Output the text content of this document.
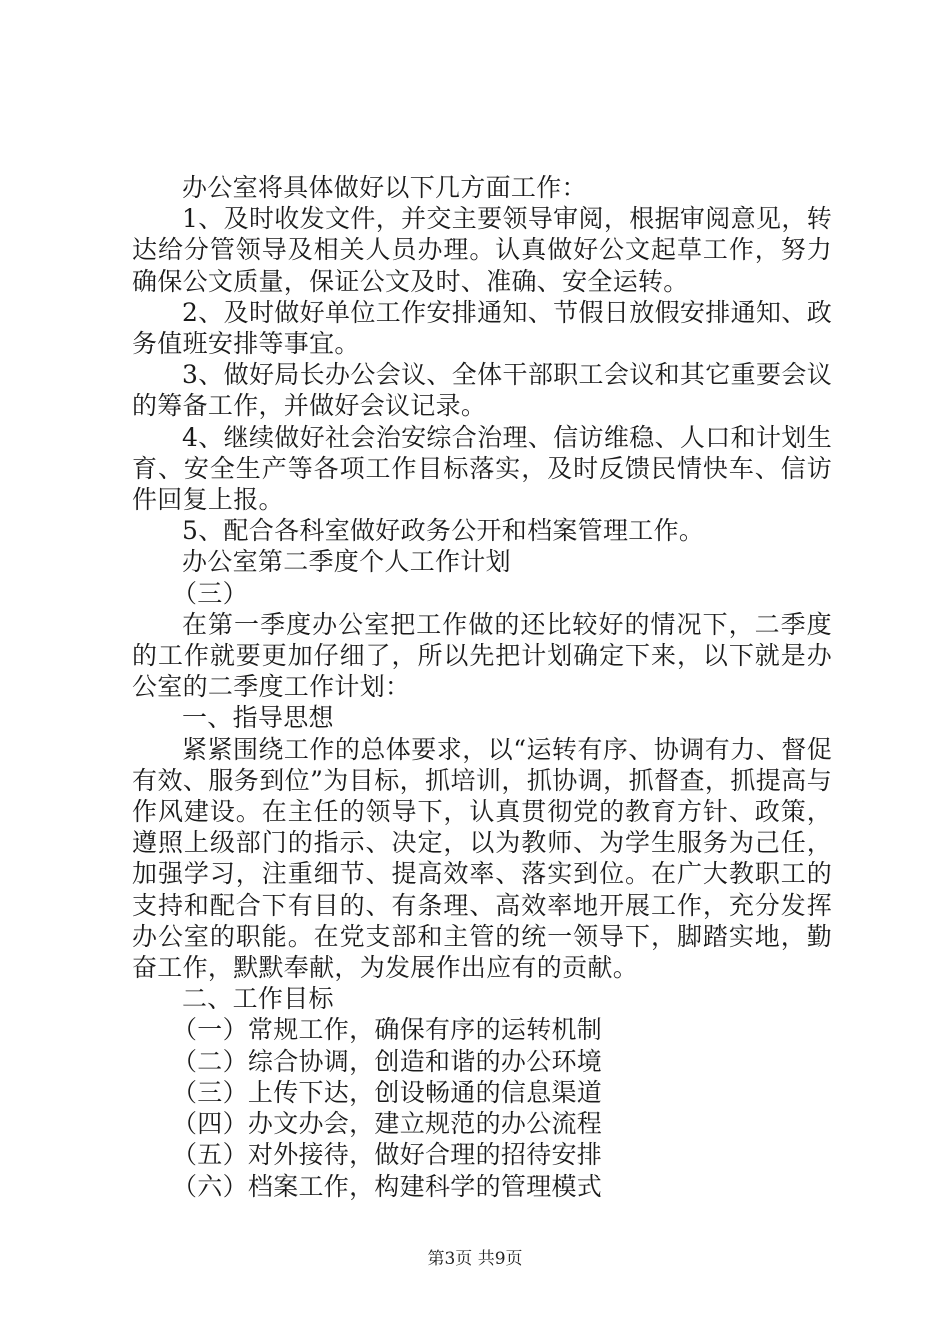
办公室将具体做好以下几方面工作：

1、及时收发文件，并交主要领导审阅，根据审阅意见，转达给分管领导及相关人员办理。认真做好公文起草工作，努力确保公文质量，保证公文及时、准确、安全运转。

2、及时做好单位工作安排通知、节假日放假安排通知、政务值班安排等事宜。

3、做好局长办公会议、全体干部职工会议和其它重要会议的筹备工作，并做好会议记录。

4、继续做好社会治安综合治理、信访维稳、人口和计划生育、安全生产等各项工作目标落实，及时反馈民情快车、信访件回复上报。

5、配合各科室做好政务公开和档案管理工作。

办公室第二季度个人工作计划

（三）

在第一季度办公室把工作做的还比较好的情况下，二季度的工作就要更加仔细了，所以先把计划确定下来，以下就是办公室的二季度工作计划：

一、指导思想

紧紧围绕工作的总体要求，以“运转有序、协调有力、督促有效、服务到位”为目标，抓培训，抓协调，抓督查，抓提高与作风建设。在主任的领导下，认真贯彻党的教育方针、政策，遵照上级部门的指示、决定，以为教师、为学生服务为己任，加强学习，注重细节、提高效率、落实到位。在广大教职工的支持和配合下有目的、有条理、高效率地开展工作，充分发挥办公室的职能。在党支部和主管的统一领导下，脚踏实地，勤奋工作，默默奉献，为发展作出应有的贡献。

二、工作目标

（一）常规工作，确保有序的运转机制

（二）综合协调，创造和谐的办公环境

（三）上传下达，创设畅通的信息渠道

（四）办文办会，建立规范的办公流程

（五）对外接待，做好合理的招待安排

（六）档案工作，构建科学的管理模式

第3页 共9页
